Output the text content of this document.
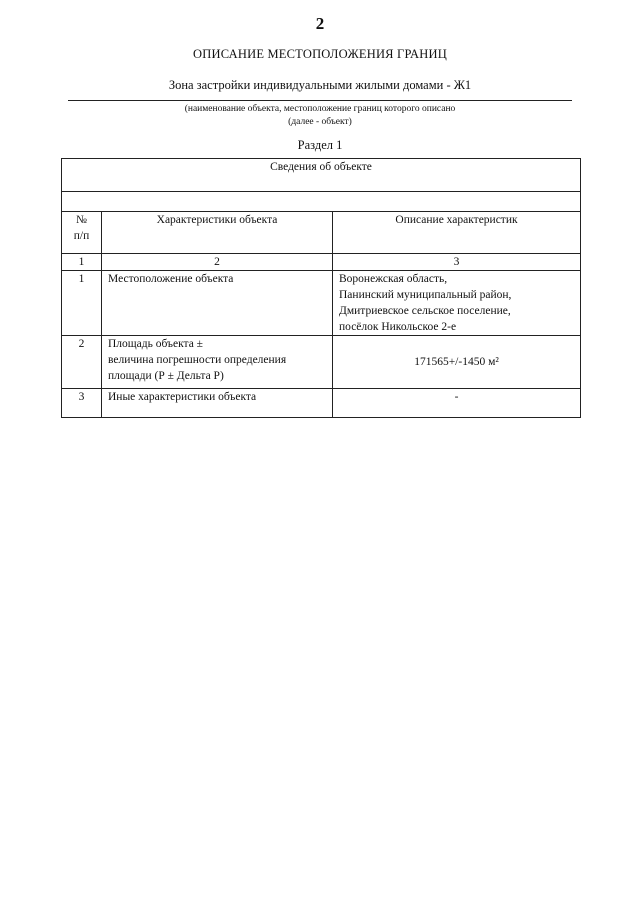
2
ОПИСАНИЕ МЕСТОПОЛОЖЕНИЯ ГРАНИЦ
Зона застройки индивидуальными жилыми домами - Ж1
(наименование объекта, местоположение границ которого описано
(далее - объект)
Раздел 1
Сведения об объекте		

№
п/п	Характеристики объекта	Описание характеристик
1	2	3
1	Местоположение объекта	Воронежская область,
Панинский муниципальный район,
Дмитриевское сельское поселение,
посёлок Никольское 2-е

2	Площадь объекта ±
величина погрешности определения
площади (Р ± Дельта Р)	171565+/-1450 м²

3	Иные характеристики объекта	-
